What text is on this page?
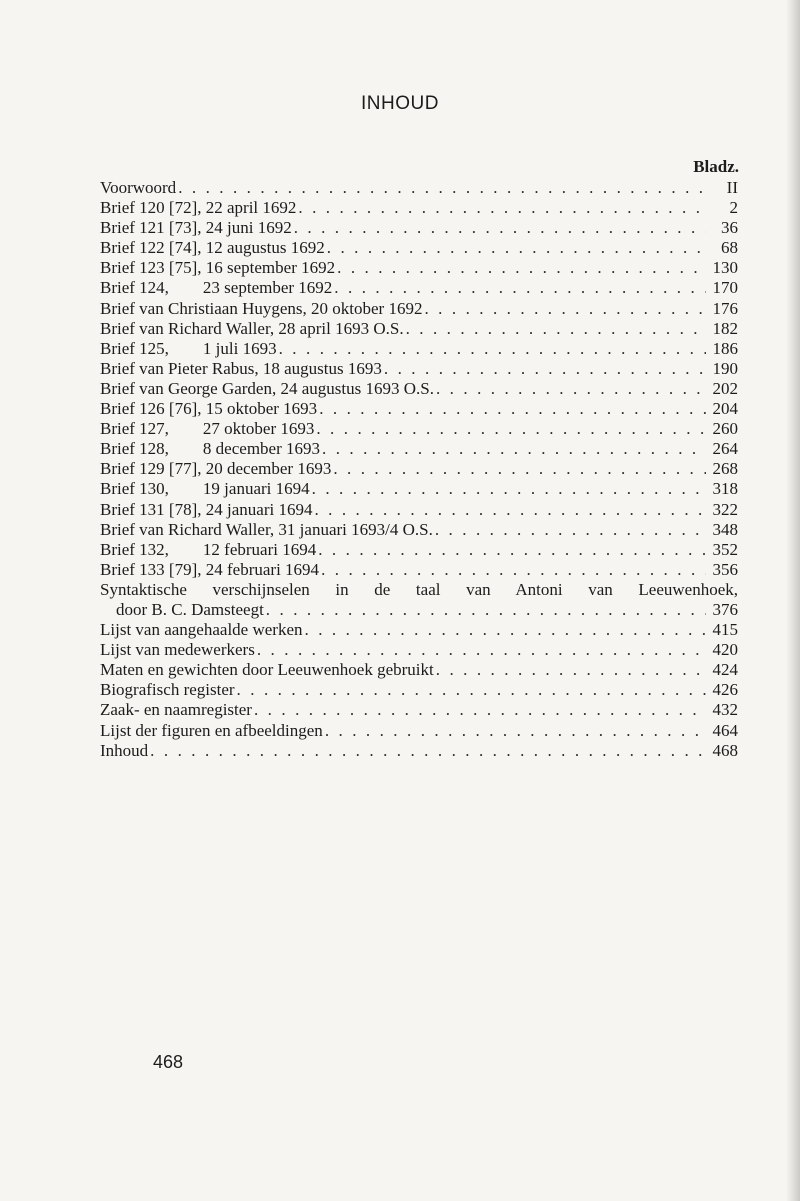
INHOUD
Bladz.
Voorwoord . . .	II
Brief 120 [72], 22 april 1692 . . .	2
Brief 121 [73], 24 juni 1692 . . .	36
Brief 122 [74], 12 augustus 1692 . . .	68
Brief 123 [75], 16 september 1692 . . .	130
Brief 124,        23 september 1692 . . .	170
Brief van Christiaan Huygens, 20 oktober 1692 . . .	176
Brief van Richard Waller, 28 april 1693 O.S. . . .	182
Brief 125,        1 juli 1693 . . .	186
Brief van Pieter Rabus, 18 augustus 1693 . . .	190
Brief van George Garden, 24 augustus 1693 O.S. . . .	202
Brief 126 [76], 15 oktober 1693 . . .	204
Brief 127,        27 oktober 1693 . . .	260
Brief 128,        8 december 1693 . . .	264
Brief 129 [77], 20 december 1693 . . .	268
Brief 130,        19 januari 1694 . . .	318
Brief 131 [78], 24 januari 1694 . . .	322
Brief van Richard Waller, 31 januari 1693/4 O.S. . . .	348
Brief 132,        12 februari 1694 . . .	352
Brief 133 [79], 24 februari 1694 . . .	356
Syntaktische verschijnselen in de taal van Antoni van Leeuwenhoek,
door B. C. Damsteegt . . .	376
Lijst van aangehaalde werken . . .	415
Lijst van medewerkers . . .	420
Maten en gewichten door Leeuwenhoek gebruikt . . .	424
Biografisch register . . .	426
Zaak- en naamregister . . .	432
Lijst der figuren en afbeeldingen . . .	464
Inhoud . . .	468
468
